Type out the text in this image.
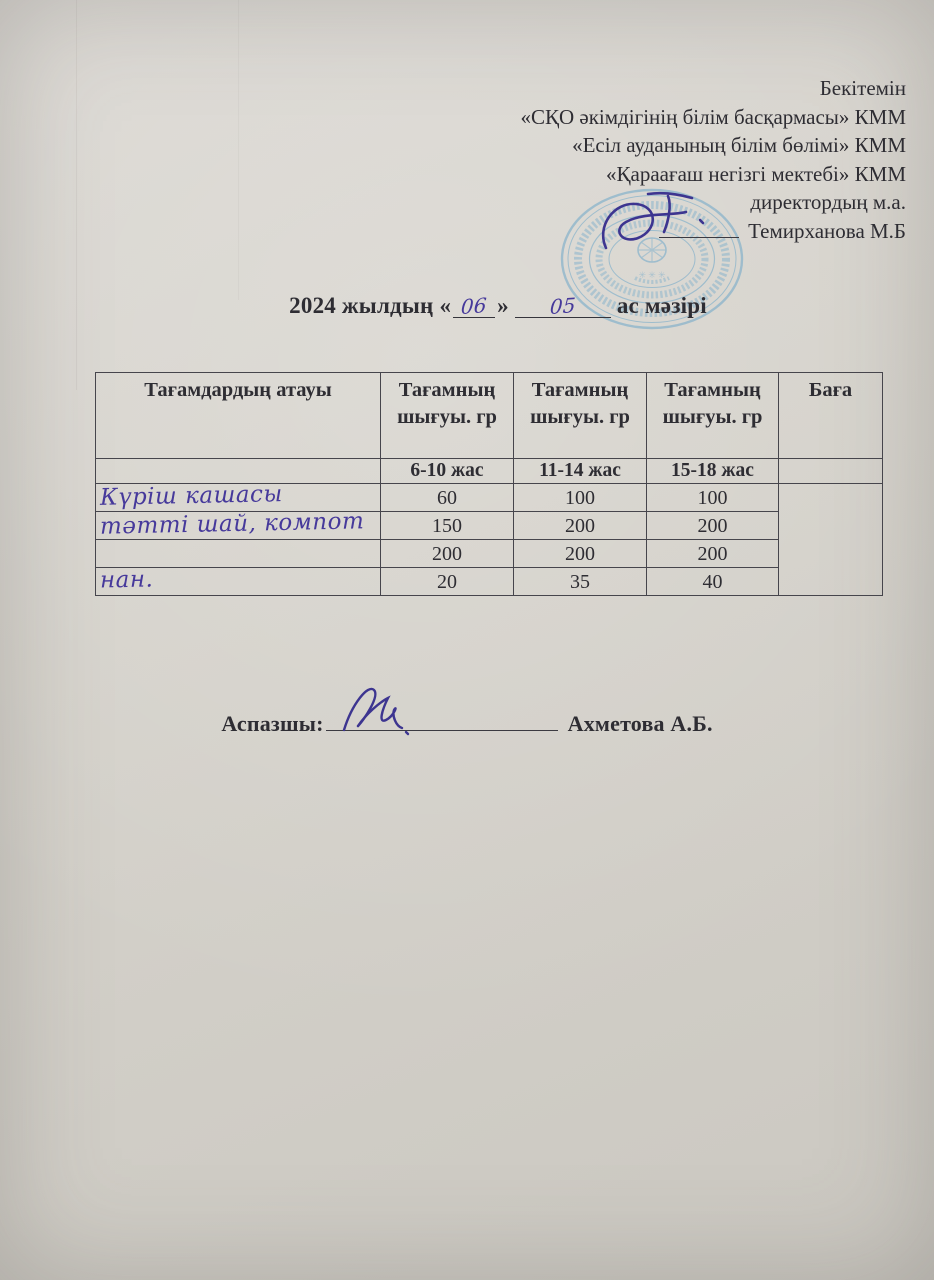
✳ ✳ ✳
Бекітемін
«СҚО әкімдігінің білім басқармасы» КММ
«Есіл ауданының білім бөлімі» КММ
«Қараағаш негізгі мектебі» КММ
директордың м.а.
Темирханова М.Б
2024 жылдың « 06 » 05 ас мәзірі
Тағамдардың атауы	Тағамның шығуы. гр	Тағамның шығуы. гр	Тағамның шығуы. гр	Баға
	6-10 жас	11-14 жас	15-18 жас	
Күріш кашасы	60	100	100	
тәтті шай, компот	150	200	200	
	200	200	200	
нан.	20	35	40	
Аспазшы:	Ахметова А.Б.
